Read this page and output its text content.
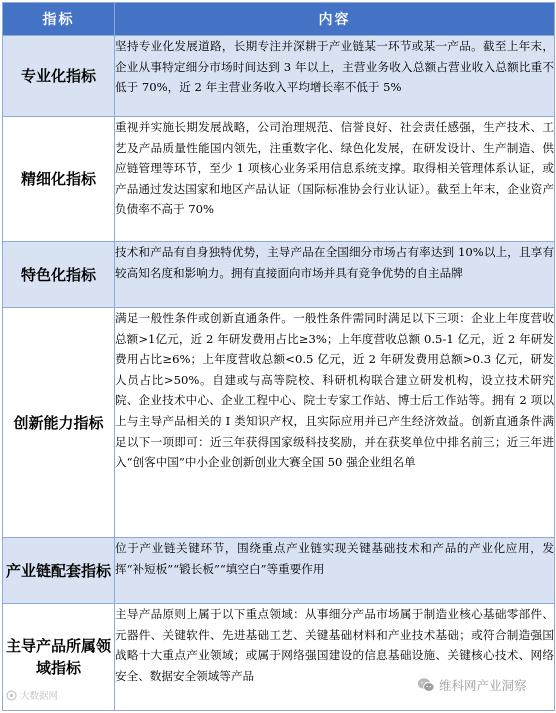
指标	内容
专业化指标	坚持专业化发展道路，长期专注并深耕于产业链某一环节或某一产品。截至上年末，企业从事特定细分市场时间达到 3 年以上，主营业务收入总额占营业收入总额比重不低于 70%，近 2 年主营业务收入平均增长率不低于 5%
精细化指标	重视并实施长期发展战略，公司治理规范、信誉良好、社会责任感强，生产技术、工艺及产品质量性能国内领先，注重数字化、绿色化发展，在研发设计、生产制造、供应链管理等环节，至少 1 项核心业务采用信息系统支撑。取得相关管理体系认证，或产品通过发达国家和地区产品认证（国际标准协会行业认证）。截至上年末，企业资产负债率不高于 70%
特色化指标	技术和产品有自身独特优势，主导产品在全国细分市场占有率达到 10%以上，且享有较高知名度和影响力。拥有直接面向市场并具有竞争优势的自主品牌
创新能力指标	满足一般性条件或创新直通条件。一般性条件需同时满足以下三项：企业上年度营收总额>1亿元，近 2 年研发费用占比≥3%；上年度营收总额 0.5-1 亿元，近 2 年研发费用占比≥6%；上年度营收总额<0.5 亿元，近 2 年研发费用总额>0.3 亿元，研发人员占比>50%。自建或与高等院校、科研机构联合建立研发机构，设立技术研究院、企业技术中心、企业工程中心、院士专家工作站、博士后工作站等。拥有 2 项以上与主导产品相关的 I 类知识产权，且实际应用并已产生经济效益。创新直通条件满足以下一项即可：近三年获得国家级科技奖励，并在获奖单位中排名前三；近三年进入“创客中国”中小企业创新创业大赛全国 50 强企业组名单
产业链配套指标	位于产业链关键环节，围绕重点产业链实现关键基础技术和产品的产业化应用，发挥“补短板”“锻长板”“填空白”等重要作用
主导产品所属领域指标	主导产品原则上属于以下重点领域：从事细分产品市场属于制造业核心基础零部件、元器件、关键软件、先进基础工艺、关键基础材料和产业技术基础；或符合制造强国战略十大重点产业领域；或属于网络强国建设的信息基础设施、关键核心技术、网络安全、数据安全领域等产品
大数据网
维科网产业洞察
